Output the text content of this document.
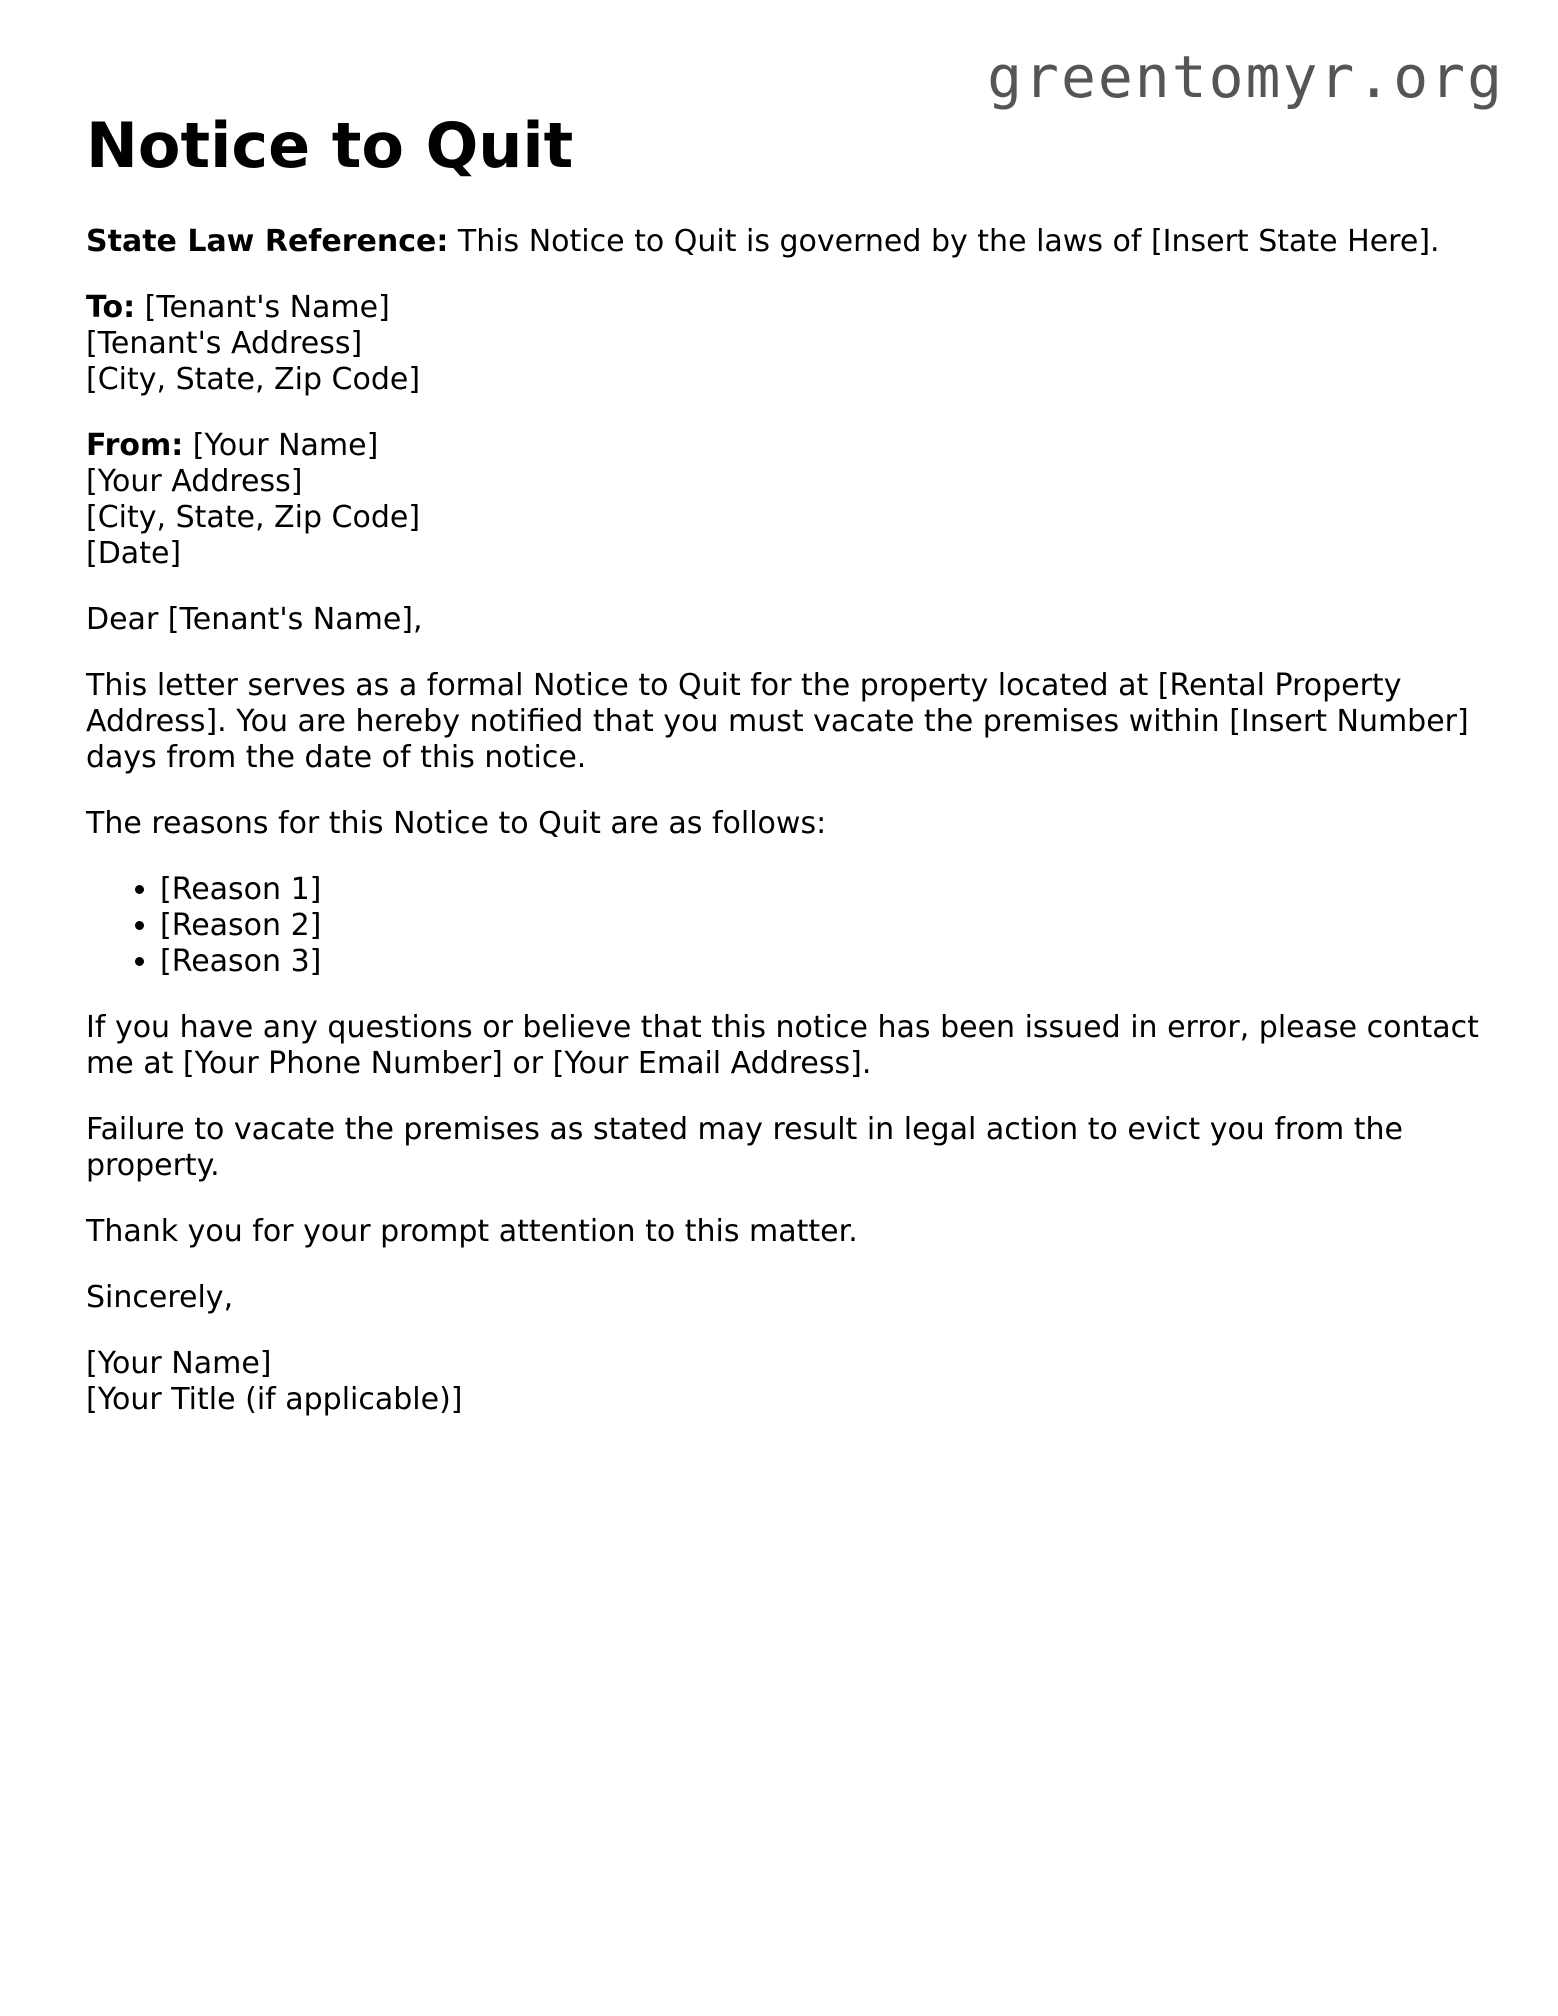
greentomyr.org
Notice to Quit

State Law Reference: This Notice to Quit is governed by the laws of [Insert State Here].

To: [Tenant's Name]
[Tenant's Address]
[City, State, Zip Code]

From: [Your Name]
[Your Address]
[City, State, Zip Code]
[Date]

Dear [Tenant's Name],

This letter serves as a formal Notice to Quit for the property located at [Rental Property Address]. You are hereby notified that you must vacate the premises within [Insert Number] days from the date of this notice.

The reasons for this Notice to Quit are as follows:

• [Reason 1]
• [Reason 2]
• [Reason 3]

If you have any questions or believe that this notice has been issued in error, please contact me at [Your Phone Number] or [Your Email Address].

Failure to vacate the premises as stated may result in legal action to evict you from the property.

Thank you for your prompt attention to this matter.

Sincerely,

[Your Name]
[Your Title (if applicable)]
